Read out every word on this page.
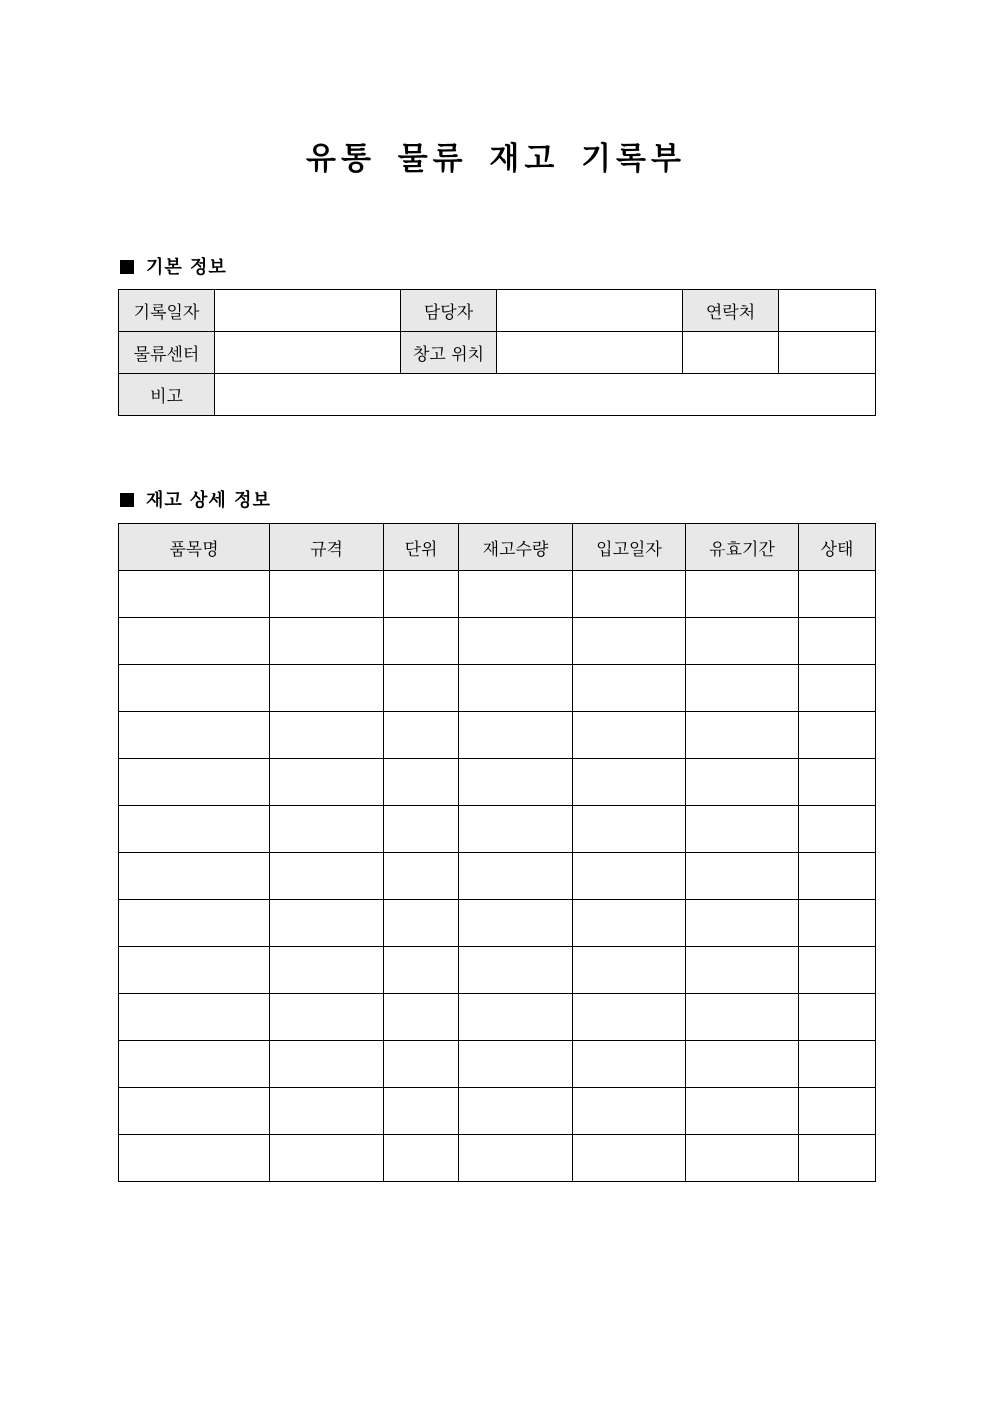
유통 물류 재고 기록부
기본 정보
기록일자		담당자		연락처	
물류센터		창고 위치			
비고					
재고 상세 정보
품목명	규격	단위	재고수량	입고일자	유효기간	상태
